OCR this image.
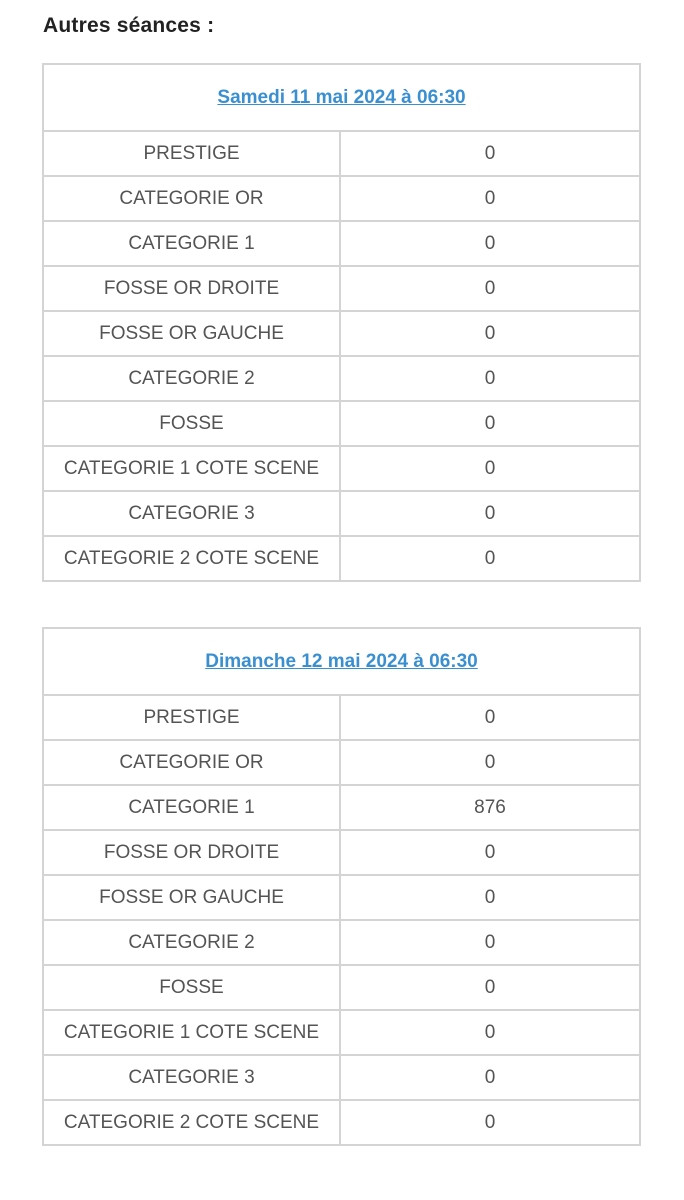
Autres séances :
Samedi 11 mai 2024 à 06:30	
PRESTIGE	0
CATEGORIE OR	0
CATEGORIE 1	0
FOSSE OR DROITE	0
FOSSE OR GAUCHE	0
CATEGORIE 2	0
FOSSE	0
CATEGORIE 1 COTE SCENE	0
CATEGORIE 3	0
CATEGORIE 2 COTE SCENE	0
Dimanche 12 mai 2024 à 06:30	
PRESTIGE	0
CATEGORIE OR	0
CATEGORIE 1	876
FOSSE OR DROITE	0
FOSSE OR GAUCHE	0
CATEGORIE 2	0
FOSSE	0
CATEGORIE 1 COTE SCENE	0
CATEGORIE 3	0
CATEGORIE 2 COTE SCENE	0
